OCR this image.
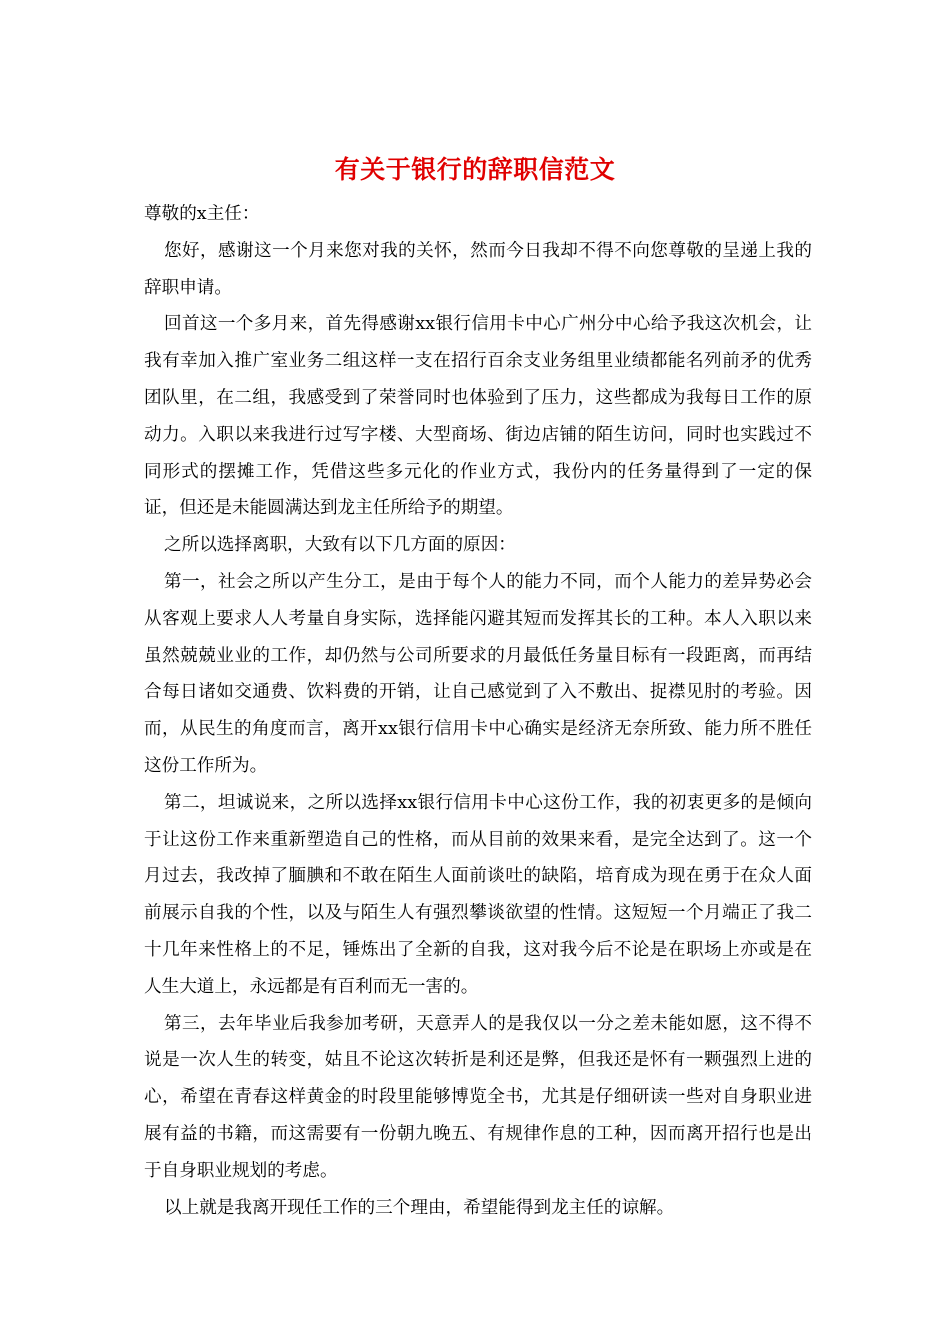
有关于银行的辞职信范文

尊敬的x主任：

您好，感谢这一个月来您对我的关怀，然而今日我却不得不向您尊敬的呈递上我的辞职申请。

回首这一个多月来，首先得感谢xx银行信用卡中心广州分中心给予我这次机会，让我有幸加入推广室业务二组这样一支在招行百余支业务组里业绩都能名列前矛的优秀团队里，在二组，我感受到了荣誉同时也体验到了压力，这些都成为我每日工作的原动力。入职以来我进行过写字楼、大型商场、街边店铺的陌生访问，同时也实践过不同形式的摆摊工作，凭借这些多元化的作业方式，我份内的任务量得到了一定的保证，但还是未能圆满达到龙主任所给予的期望。

之所以选择离职，大致有以下几方面的原因：

第一，社会之所以产生分工，是由于每个人的能力不同，而个人能力的差异势必会从客观上要求人人考量自身实际，选择能闪避其短而发挥其长的工种。本人入职以来虽然兢兢业业的工作，却仍然与公司所要求的月最低任务量目标有一段距离，而再结合每日诸如交通费、饮料费的开销，让自己感觉到了入不敷出、捉襟见肘的考验。因而，从民生的角度而言，离开xx银行信用卡中心确实是经济无奈所致、能力所不胜任这份工作所为。

第二，坦诚说来，之所以选择xx银行信用卡中心这份工作，我的初衷更多的是倾向于让这份工作来重新塑造自己的性格，而从目前的效果来看，是完全达到了。这一个月过去，我改掉了腼腆和不敢在陌生人面前谈吐的缺陷，培育成为现在勇于在众人面前展示自我的个性，以及与陌生人有强烈攀谈欲望的性情。这短短一个月端正了我二十几年来性格上的不足，锤炼出了全新的自我，这对我今后不论是在职场上亦或是在人生大道上，永远都是有百利而无一害的。

第三，去年毕业后我参加考研，天意弄人的是我仅以一分之差未能如愿，这不得不说是一次人生的转变，姑且不论这次转折是利还是弊，但我还是怀有一颗强烈上进的心，希望在青春这样黄金的时段里能够博览全书，尤其是仔细研读一些对自身职业进展有益的书籍，而这需要有一份朝九晚五、有规律作息的工种，因而离开招行也是出于自身职业规划的考虑。

以上就是我离开现任工作的三个理由，希望能得到龙主任的谅解。
